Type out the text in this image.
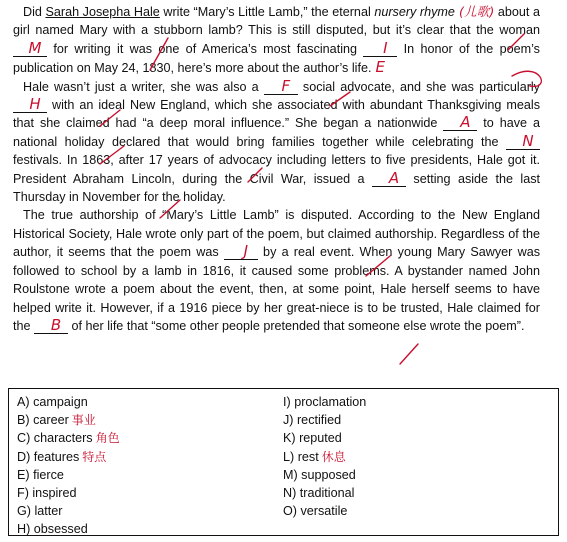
Did Sarah Josepha Hale write “Mary’s Little Lamb,” the eternal nursery rhyme (儿歌) about a girl named Mary with a stubborn lamb? This is still disputed, but it’s clear that the woman M for writing it was one of America’s most fascinating I In honor of the poem’s publication on May 24, 1830, here’s more about the author’s life. E

Hale wasn’t just a writer, she was also a F social advocate, and she was particularly H with an ideal New England, which she associated with abundant Thanksgiving meals that she claimed had “a deep moral influence.” She began a nationwide A to have a national holiday declared that would bring families together while celebrating the N festivals. In 1863, after 17 years of advocacy including letters to five presidents, Hale got it. President Abraham Lincoln, during the Civil War, issued a A setting aside the last Thursday in November for the holiday.

The true authorship of “Mary’s Little Lamb” is disputed. According to the New England Historical Society, Hale wrote only part of the poem, but claimed authorship. Regardless of the author, it seems that the poem was J by a real event. When young Mary Sawyer was followed to school by a lamb in 1816, it caused some problems. A bystander named John Roulstone wrote a poem about the event, then, at some point, Hale herself seems to have helped write it. However, if a 1916 piece by her great-niece is to be trusted, Hale claimed for the B of her life that “some other people pretended that someone else wrote the poem”.

A) campaign
B) career 事业
C) characters 角色
D) features 特点
E) fierce
F) inspired
G) latter
H) obsessed
I) proclamation
J) rectified
K) reputed
L) rest 休息
M) supposed
N) traditional
O) versatile
